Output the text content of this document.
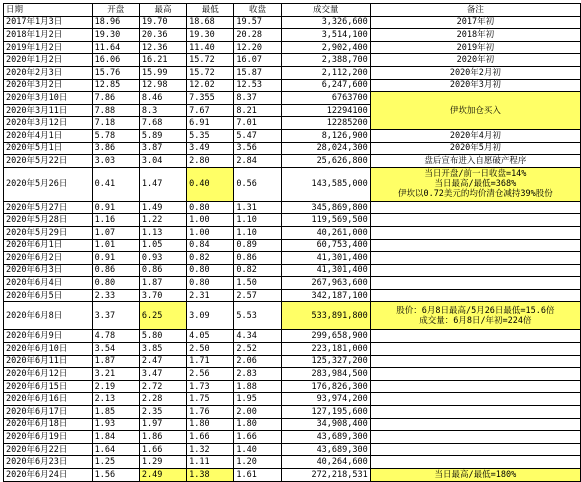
日期	开盘	最高	最低	收盘	成交量	备注
2017年1月3日	18.96	19.70	18.68	19.57	3,326,600	2017年初
2018年1月2日	19.30	20.36	19.30	20.28	3,514,100	2018年初
2019年1月2日	11.64	12.36	11.40	12.20	2,902,400	2019年初
2020年1月2日	16.06	16.21	15.72	16.07	2,388,700	2020年初
2020年2月3日	15.76	15.99	15.72	15.87	2,112,200	2020年2月初
2020年3月2日	12.85	12.98	12.02	12.53	6,247,600	2020年3月初
2020年3月10日	7.86	8.46	7.355	8.37	6763700	伊坎加仓买入
2020年3月11日	7.88	8.3	7.67	8.21	12294100	
2020年3月12日	7.18	7.68	6.91	7.01	12285200	
2020年4月1日	5.78	5.89	5.35	5.47	8,126,900	2020年4月初
2020年5月1日	3.86	3.87	3.49	3.56	28,024,300	2020年5月初
2020年5月22日	3.03	3.04	2.80	2.84	25,626,800	盘后宣布进入自愿破产程序
2020年5月26日	0.41	1.47	0.40	0.56	143,585,000	当日开盘/前一日收盘=14%
当日最高/最低=368%
伊坎以0.72美元的均价清仓减持39%股份

2020年5月27日	0.91	1.49	0.80	1.31	345,869,800	
2020年5月28日	1.16	1.22	1.00	1.10	119,569,500	
2020年5月29日	1.07	1.13	1.00	1.10	40,261,000	
2020年6月1日	1.01	1.05	0.84	0.89	60,753,400	
2020年6月2日	0.91	0.93	0.82	0.86	41,301,400	
2020年6月3日	0.86	0.86	0.80	0.82	41,301,400	
2020年6月4日	0.80	1.87	0.80	1.50	267,963,600	
2020年6月5日	2.33	3.70	2.31	2.57	342,187,100	
2020年6月8日	3.37	6.25	3.09	5.53	533,891,800	股价：6月8日最高/5月26日最低=15.6倍
成交量：6月8日/年初=224倍

2020年6月9日	4.78	5.80	4.05	4.34	299,658,900	
2020年6月10日	3.54	3.85	2.50	2.52	223,181,000	
2020年6月11日	1.87	2.47	1.71	2.06	125,327,200	
2020年6月12日	3.21	3.47	2.56	2.83	283,984,500	
2020年6月15日	2.19	2.72	1.73	1.88	176,826,300	
2020年6月16日	2.13	2.28	1.75	1.95	93,974,200	
2020年6月17日	1.85	2.35	1.76	2.00	127,195,600	
2020年6月18日	1.93	1.97	1.80	1.80	34,908,400	
2020年6月19日	1.84	1.86	1.66	1.66	43,689,300	
2020年6月22日	1.64	1.66	1.32	1.40	43,689,300	
2020年6月23日	1.25	1.29	1.11	1.20	40,264,600	
2020年6月24日	1.56	2.49	1.38	1.61	272,218,531	当日最高/最低=180%
